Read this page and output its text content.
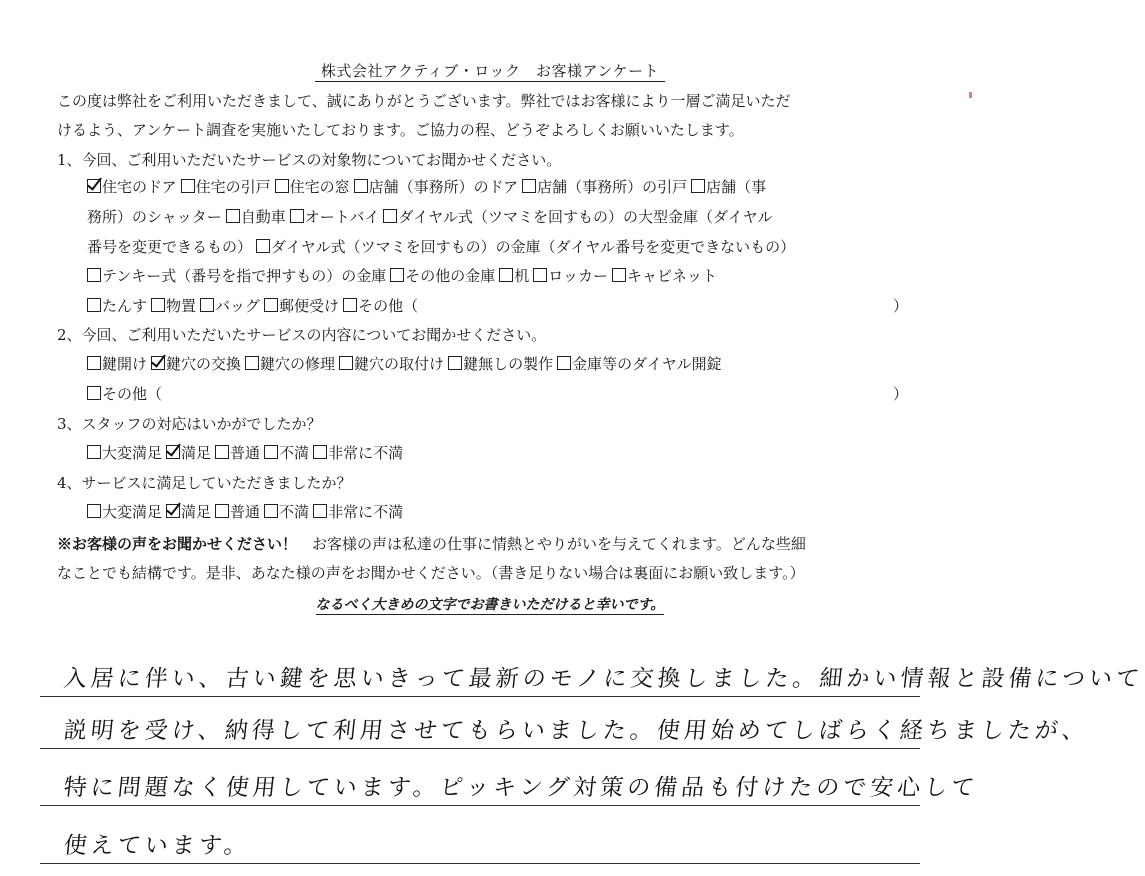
株式会社アクティブ・ロック　お客様アンケート
この度は弊社をご利用いただきまして、誠にありがとうございます。弊社ではお客様により一層ご満足いただ
けるよう、アンケート調査を実施いたしております。ご協力の程、どうぞよろしくお願いいたします。
1、今回、ご利用いただいたサービスの対象物についてお聞かせください。
住宅のドア 住宅の引戸 住宅の窓 店舗（事務所）のドア 店舗（事務所）の引戸 店舗（事
務所）のシャッター 自動車 オートバイ ダイヤル式（ツマミを回すもの）の大型金庫（ダイヤル
番号を変更できるもの） ダイヤル式（ツマミを回すもの）の金庫（ダイヤル番号を変更できないもの）
テンキー式（番号を指で押すもの）の金庫 その他の金庫 机 ロッカー キャビネット
たんす 物置 バッグ 郵便受け その他（	）
2、今回、ご利用いただいたサービスの内容についてお聞かせください。
鍵開け 鍵穴の交換 鍵穴の修理 鍵穴の取付け 鍵無しの製作 金庫等のダイヤル開錠
その他（	）
3、スタッフの対応はいかがでしたか？
大変満足 満足 普通 不満 非常に不満
4、サービスに満足していただきましたか？
大変満足 満足 普通 不満 非常に不満
※お客様の声をお聞かせください！　お客様の声は私達の仕事に情熱とやりがいを与えてくれます。どんな些細
なことでも結構です。是非、あなた様の声をお聞かせください。（書き足りない場合は裏面にお願い致します。）
なるべく大きめの文字でお書きいただけると幸いです。
入居に伴い、古い鍵を思いきって最新のモノに交換しました。細かい情報と設備について
説明を受け、納得して利用させてもらいました。使用始めてしばらく経ちましたが、
特に問題なく使用しています。ピッキング対策の備品も付けたので安心して
使えています。
